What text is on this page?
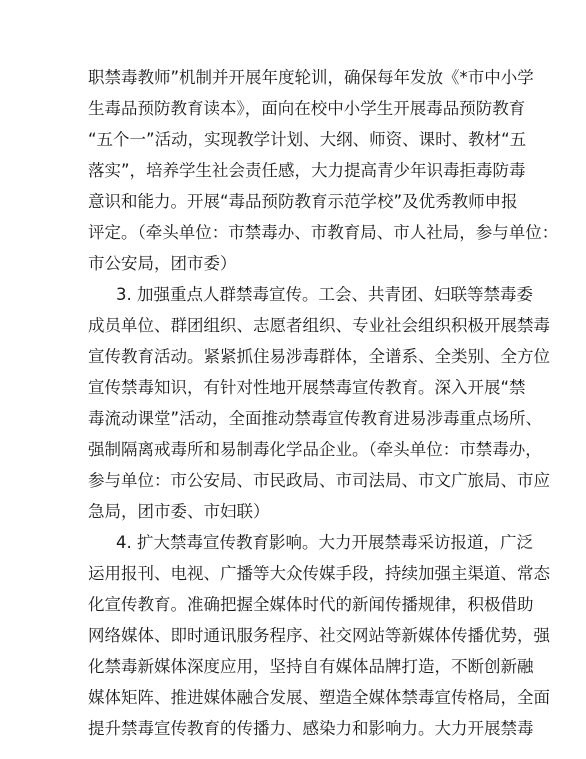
职禁毒教师”机制并开展年度轮训，确保每年发放《*市中小学
生毒品预防教育读本》，面向在校中小学生开展毒品预防教育
“五个一”活动，实现教学计划、大纲、师资、课时、教材“五
落实”，培养学生社会责任感，大力提高青少年识毒拒毒防毒
意识和能力。开展“毒品预防教育示范学校”及优秀教师申报
评定。（牵头单位：市禁毒办、市教育局、市人社局，参与单位：
市公安局，团市委）
3. 加强重点人群禁毒宣传。工会、共青团、妇联等禁毒委
成员单位、群团组织、志愿者组织、专业社会组织积极开展禁毒
宣传教育活动。紧紧抓住易涉毒群体，全谱系、全类别、全方位
宣传禁毒知识，有针对性地开展禁毒宣传教育。深入开展“禁
毒流动课堂”活动，全面推动禁毒宣传教育进易涉毒重点场所、
强制隔离戒毒所和易制毒化学品企业。（牵头单位：市禁毒办，
参与单位：市公安局、市民政局、市司法局、市文广旅局、市应
急局，团市委、市妇联）
4. 扩大禁毒宣传教育影响。大力开展禁毒采访报道，广泛
运用报刊、电视、广播等大众传媒手段，持续加强主渠道、常态
化宣传教育。准确把握全媒体时代的新闻传播规律，积极借助
网络媒体、即时通讯服务程序、社交网站等新媒体传播优势，强
化禁毒新媒体深度应用，坚持自有媒体品牌打造，不断创新融
媒体矩阵、推进媒体融合发展、塑造全媒体禁毒宣传格局，全面
提升禁毒宣传教育的传播力、感染力和影响力。大力开展禁毒
